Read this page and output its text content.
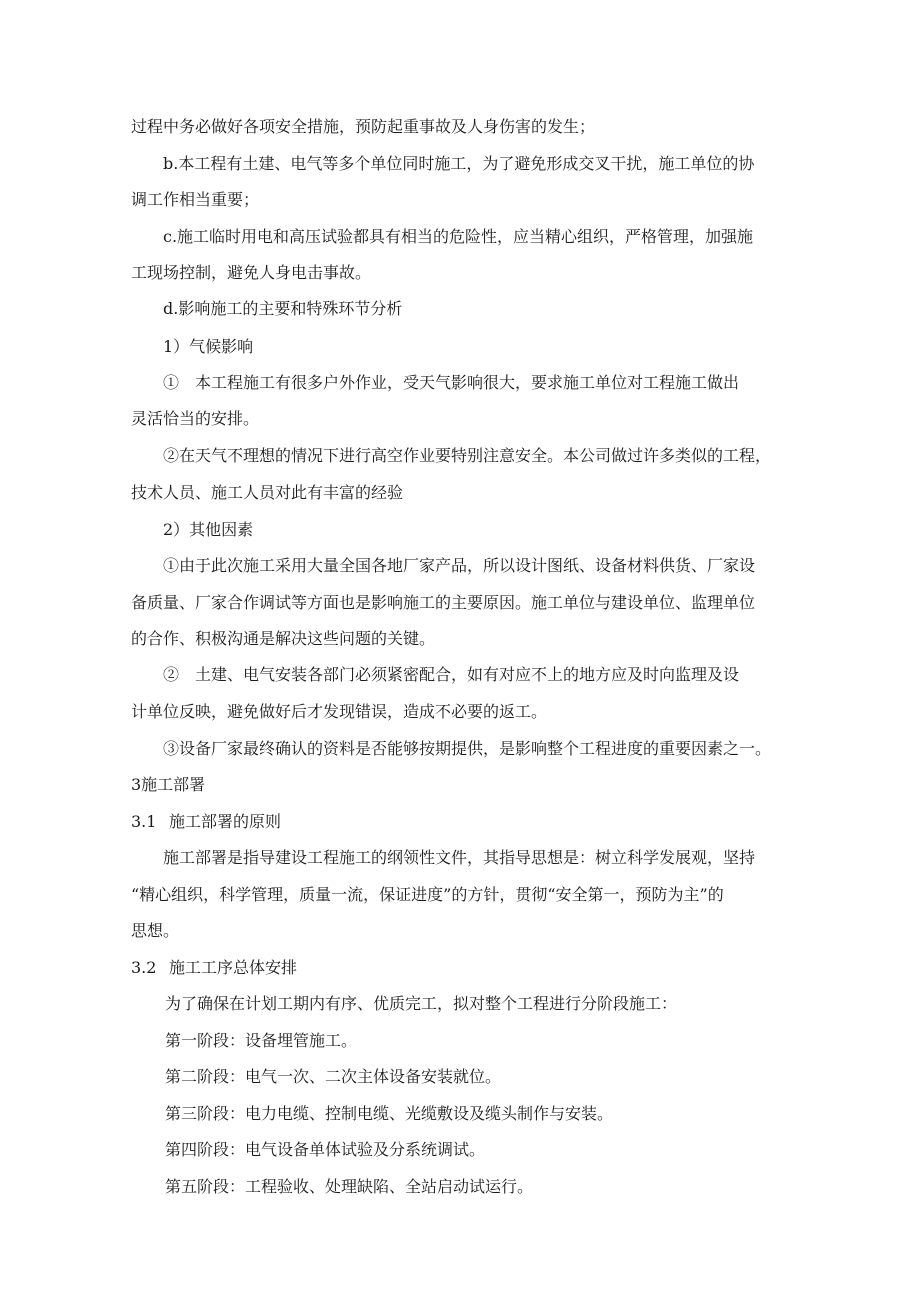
过程中务必做好各项安全措施，预防起重事故及人身伤害的发生；
b.本工程有土建、电气等多个单位同时施工，为了避免形成交叉干扰，施工单位的协
调工作相当重要；
c.施工临时用电和高压试验都具有相当的危险性，应当精心组织，严格管理，加强施
工现场控制，避免人身电击事故。
d.影响施工的主要和特殊环节分析
1）气候影响
①　本工程施工有很多户外作业，受天气影响很大，要求施工单位对工程施工做出
灵活恰当的安排。
②在天气不理想的情况下进行高空作业要特别注意安全。本公司做过许多类似的工程，
技术人员、施工人员对此有丰富的经验
2）其他因素
①由于此次施工采用大量全国各地厂家产品，所以设计图纸、设备材料供货、厂家设
备质量、厂家合作调试等方面也是影响施工的主要原因。施工单位与建设单位、监理单位
的合作、积极沟通是解决这些问题的关键。
②　土建、电气安装各部门必须紧密配合，如有对应不上的地方应及时向监理及设
计单位反映，避免做好后才发现错误，造成不必要的返工。
③设备厂家最终确认的资料是否能够按期提供，是影响整个工程进度的重要因素之一。
3施工部署
3.1 施工部署的原则
施工部署是指导建设工程施工的纲领性文件，其指导思想是：树立科学发展观，坚持
“精心组织，科学管理，质量一流，保证进度”的方针，贯彻“安全第一，预防为主”的
思想。
3.2 施工工序总体安排
为了确保在计划工期内有序、优质完工，拟对整个工程进行分阶段施工：
第一阶段：设备埋管施工。
第二阶段：电气一次、二次主体设备安装就位。
第三阶段：电力电缆、控制电缆、光缆敷设及缆头制作与安装。
第四阶段：电气设备单体试验及分系统调试。
第五阶段：工程验收、处理缺陷、全站启动试运行。
